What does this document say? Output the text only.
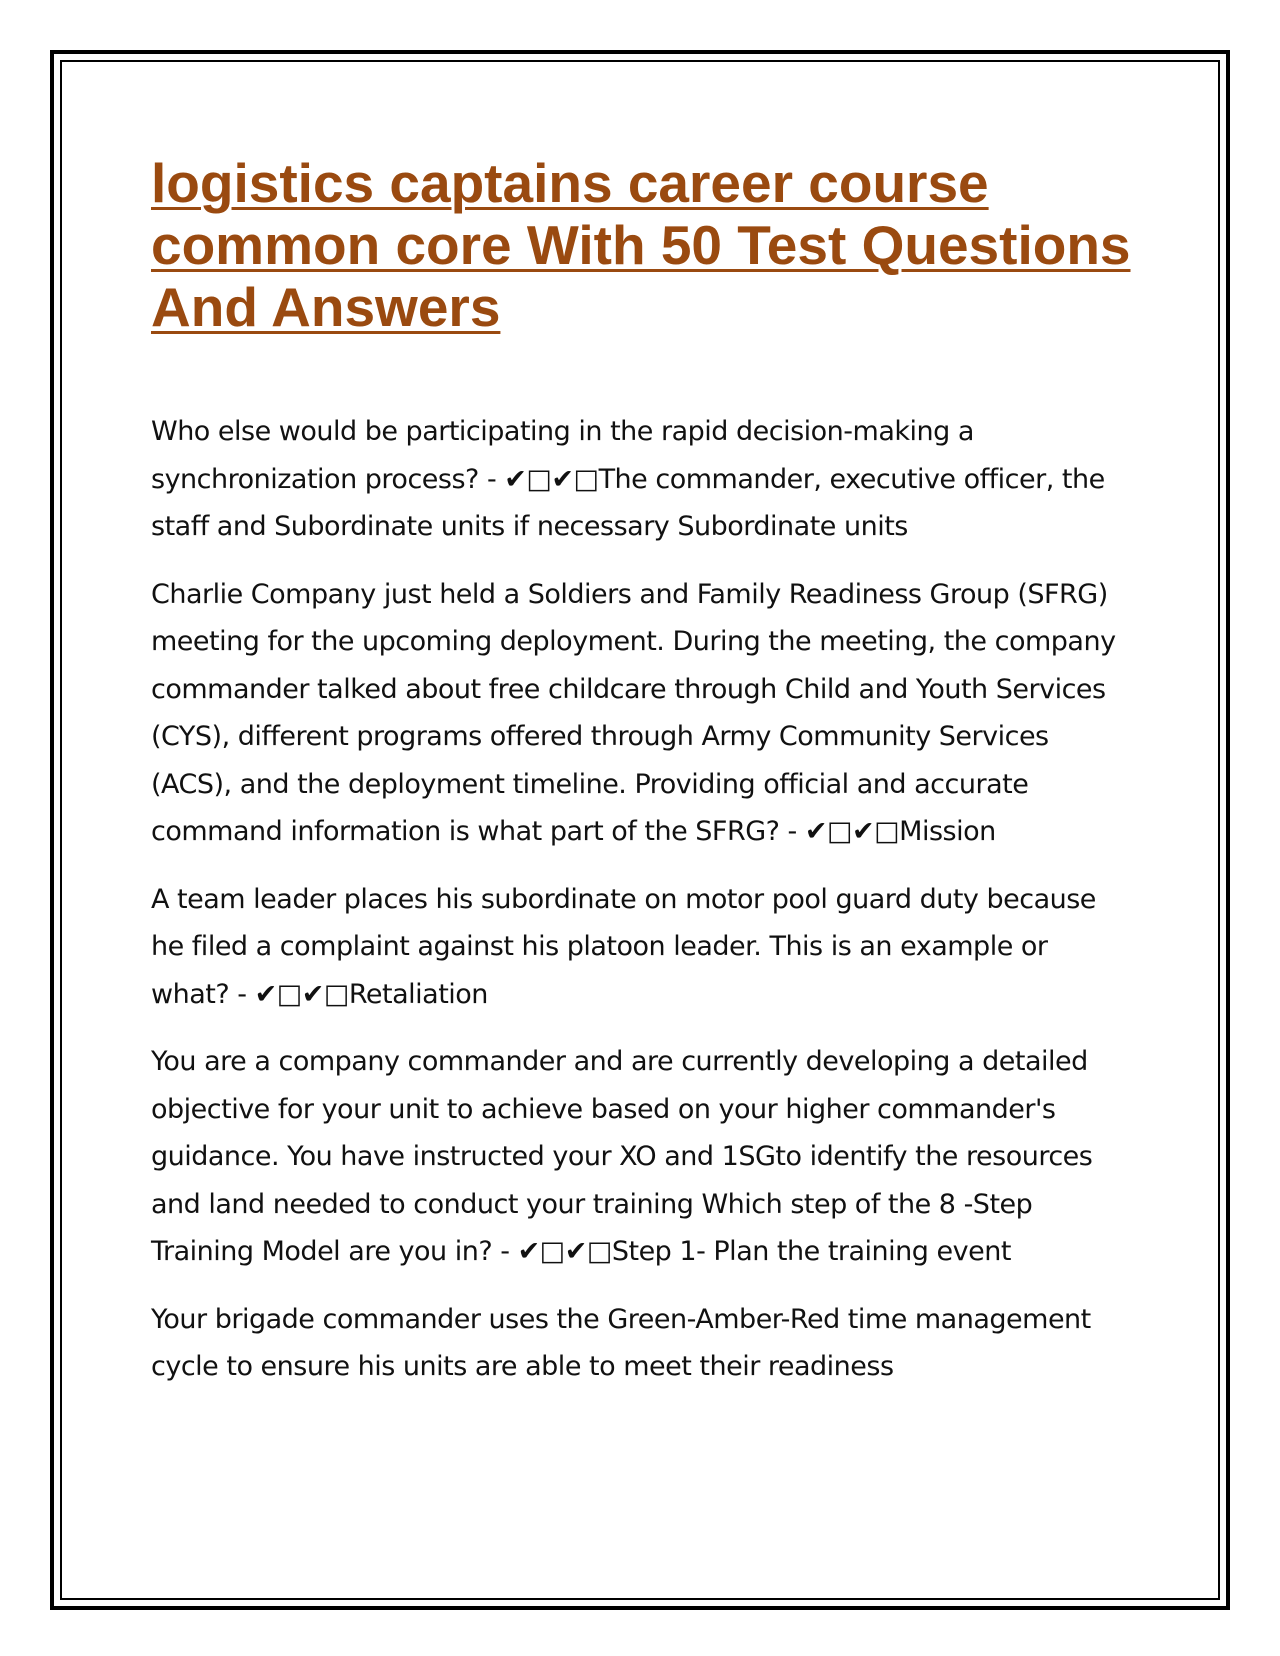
logistics captains career course common core With 50 Test Questions And Answers

Who else would be participating in the rapid decision-making a synchronization process? - ✔□✔□The commander, executive officer, the staff and Subordinate units if necessary Subordinate units

Charlie Company just held a Soldiers and Family Readiness Group (SFRG) meeting for the upcoming deployment. During the meeting, the company commander talked about free childcare through Child and Youth Services (CYS), different programs offered through Army Community Services (ACS), and the deployment timeline. Providing official and accurate command information is what part of the SFRG? - ✔□✔□Mission

A team leader places his subordinate on motor pool guard duty because he filed a complaint against his platoon leader. This is an example or what? - ✔□✔□Retaliation

You are a company commander and are currently developing a detailed objective for your unit to achieve based on your higher commander's guidance. You have instructed your XO and 1SGto identify the resources and land needed to conduct your training Which step of the 8 -Step Training Model are you in? - ✔□✔□Step 1- Plan the training event

Your brigade commander uses the Green-Amber-Red time management cycle to ensure his units are able to meet their readiness
